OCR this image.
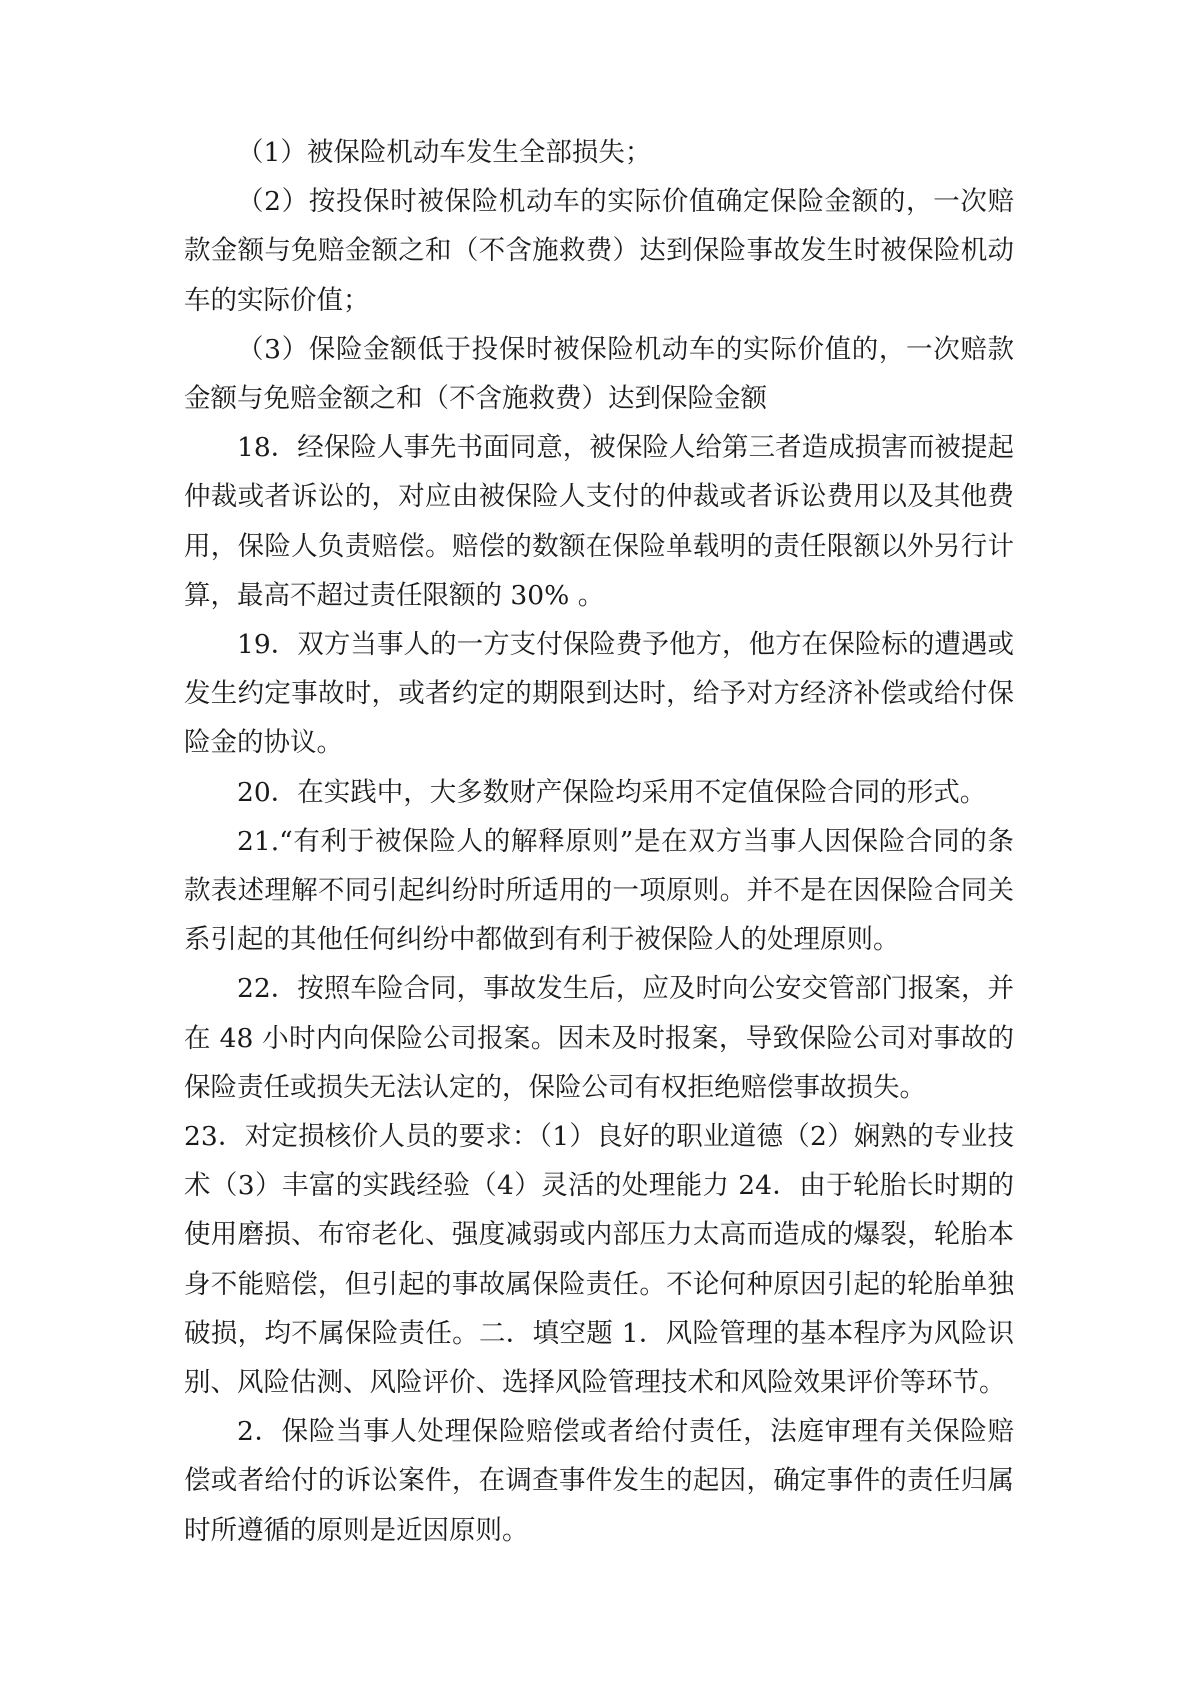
（1）被保险机动车发生全部损失；

（2）按投保时被保险机动车的实际价值确定保险金额的，一次赔款金额与免赔金额之和（不含施救费）达到保险事故发生时被保险机动车的实际价值；

（3）保险金额低于投保时被保险机动车的实际价值的，一次赔款金额与免赔金额之和（不含施救费）达到保险金额

18．经保险人事先书面同意，被保险人给第三者造成损害而被提起仲裁或者诉讼的，对应由被保险人支付的仲裁或者诉讼费用以及其他费用，保险人负责赔偿。赔偿的数额在保险单载明的责任限额以外另行计算，最高不超过责任限额的 30% 。

19．双方当事人的一方支付保险费予他方，他方在保险标的遭遇或发生约定事故时，或者约定的期限到达时，给予对方经济补偿或给付保险金的协议。

20．在实践中，大多数财产保险均采用不定值保险合同的形式。

21.“有利于被保险人的解释原则”是在双方当事人因保险合同的条款表述理解不同引起纠纷时所适用的一项原则。并不是在因保险合同关系引起的其他任何纠纷中都做到有利于被保险人的处理原则。

22．按照车险合同，事故发生后，应及时向公安交管部门报案，并在 48 小时内向保险公司报案。因未及时报案，导致保险公司对事故的保险责任或损失无法认定的，保险公司有权拒绝赔偿事故损失。

23．对定损核价人员的要求：（1）良好的职业道德（2）娴熟的专业技术（3）丰富的实践经验（4）灵活的处理能力 24．由于轮胎长时期的使用磨损、布帘老化、强度减弱或内部压力太高而造成的爆裂，轮胎本身不能赔偿，但引起的事故属保险责任。不论何种原因引起的轮胎单独破损，均不属保险责任。二．填空题 1．风险管理的基本程序为风险识别、风险估测、风险评价、选择风险管理技术和风险效果评价等环节。

2．保险当事人处理保险赔偿或者给付责任，法庭审理有关保险赔偿或者给付的诉讼案件，在调查事件发生的起因，确定事件的责任归属时所遵循的原则是近因原则。
